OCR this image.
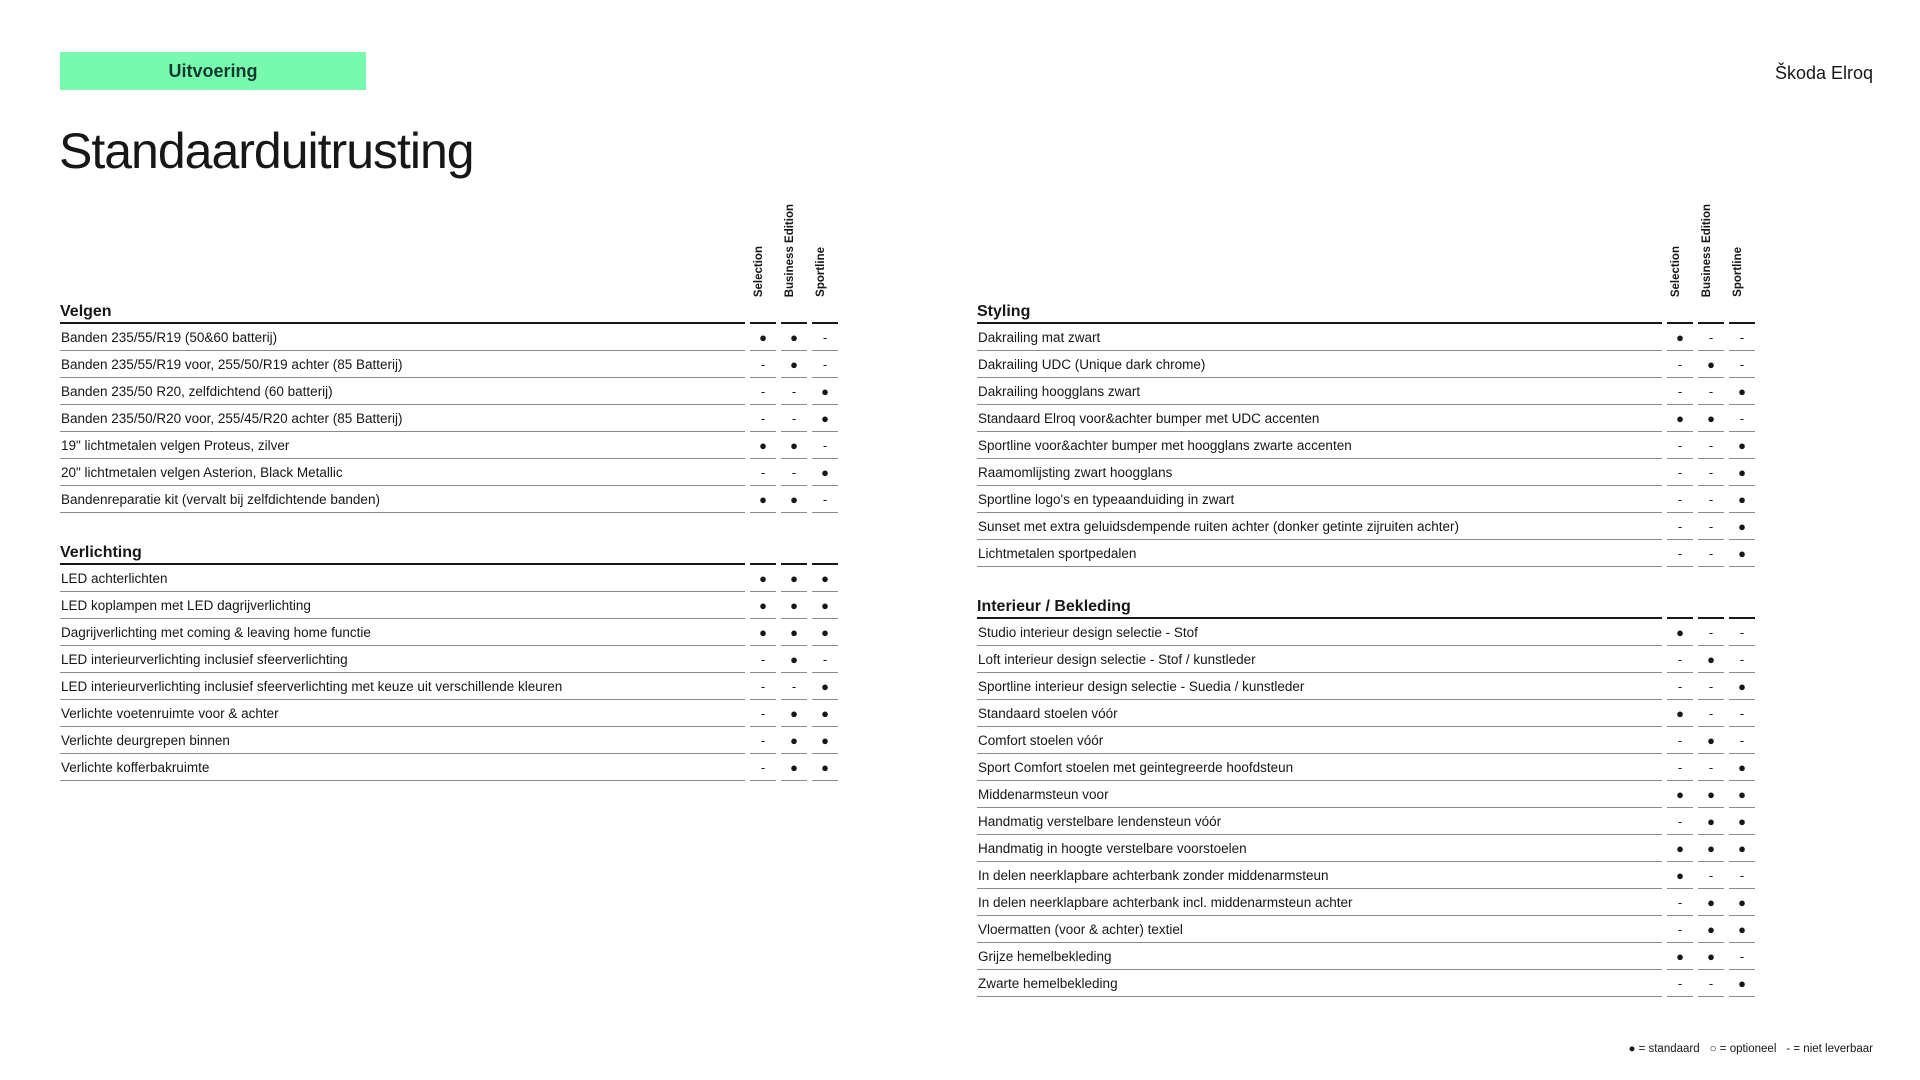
Uitvoering	Škoda Elroq
Standaarduitrusting
Selection Business Edition Sportline
Velgen
Banden 235/55/R19 (50&60 batterij)	●	●	-
Banden 235/55/R19 voor, 255/50/R19 achter (85 Batterij)	-	●	-
Banden 235/50 R20, zelfdichtend (60 batterij)	-	-	●
Banden 235/50/R20 voor, 255/45/R20 achter (85 Batterij)	-	-	●
19" lichtmetalen velgen Proteus, zilver	●	●	-
20" lichtmetalen velgen Asterion, Black Metallic	-	-	●
Bandenreparatie kit (vervalt bij zelfdichtende banden)	●	●	-
Verlichting
LED achterlichten	●	●	●
LED koplampen met LED dagrijverlichting	●	●	●
Dagrijverlichting met coming & leaving home functie	●	●	●
LED interieurverlichting inclusief sfeerverlichting	-	●	-
LED interieurverlichting inclusief sfeerverlichting met keuze uit verschillende kleuren	-	-	●
Verlichte voetenruimte voor & achter	-	●	●
Verlichte deurgrepen binnen	-	●	●
Verlichte kofferbakruimte	-	●	●
Selection Business Edition Sportline
Styling
Dakrailing mat zwart	●	-	-
Dakrailing UDC (Unique dark chrome)	-	●	-
Dakrailing hoogglans zwart	-	-	●
Standaard Elroq voor&achter bumper met UDC accenten	●	●	-
Sportline voor&achter bumper met hoogglans zwarte accenten	-	-	●
Raamomlijsting zwart hoogglans	-	-	●
Sportline logo's en typeaanduiding in zwart	-	-	●
Sunset met extra geluidsdempende ruiten achter (donker getinte zijruiten achter)	-	-	●
Lichtmetalen sportpedalen	-	-	●
Interieur / Bekleding
Studio interieur design selectie - Stof	●	-	-
Loft interieur design selectie - Stof / kunstleder	-	●	-
Sportline interieur design selectie - Suedia / kunstleder	-	-	●
Standaard stoelen vóór	●	-	-
Comfort stoelen vóór	-	●	-
Sport Comfort stoelen met geintegreerde hoofdsteun	-	-	●
Middenarmsteun voor	●	●	●
Handmatig verstelbare lendensteun vóór	-	●	●
Handmatig in hoogte verstelbare voorstoelen	●	●	●
In delen neerklapbare achterbank zonder middenarmsteun	●	-	-
In delen neerklapbare achterbank incl. middenarmsteun achter	-	●	●
Vloermatten (voor & achter) textiel	-	●	●
Grijze hemelbekleding	●	●	-
Zwarte hemelbekleding	-	-	●
● = standaard ○ = optioneel - = niet leverbaar
